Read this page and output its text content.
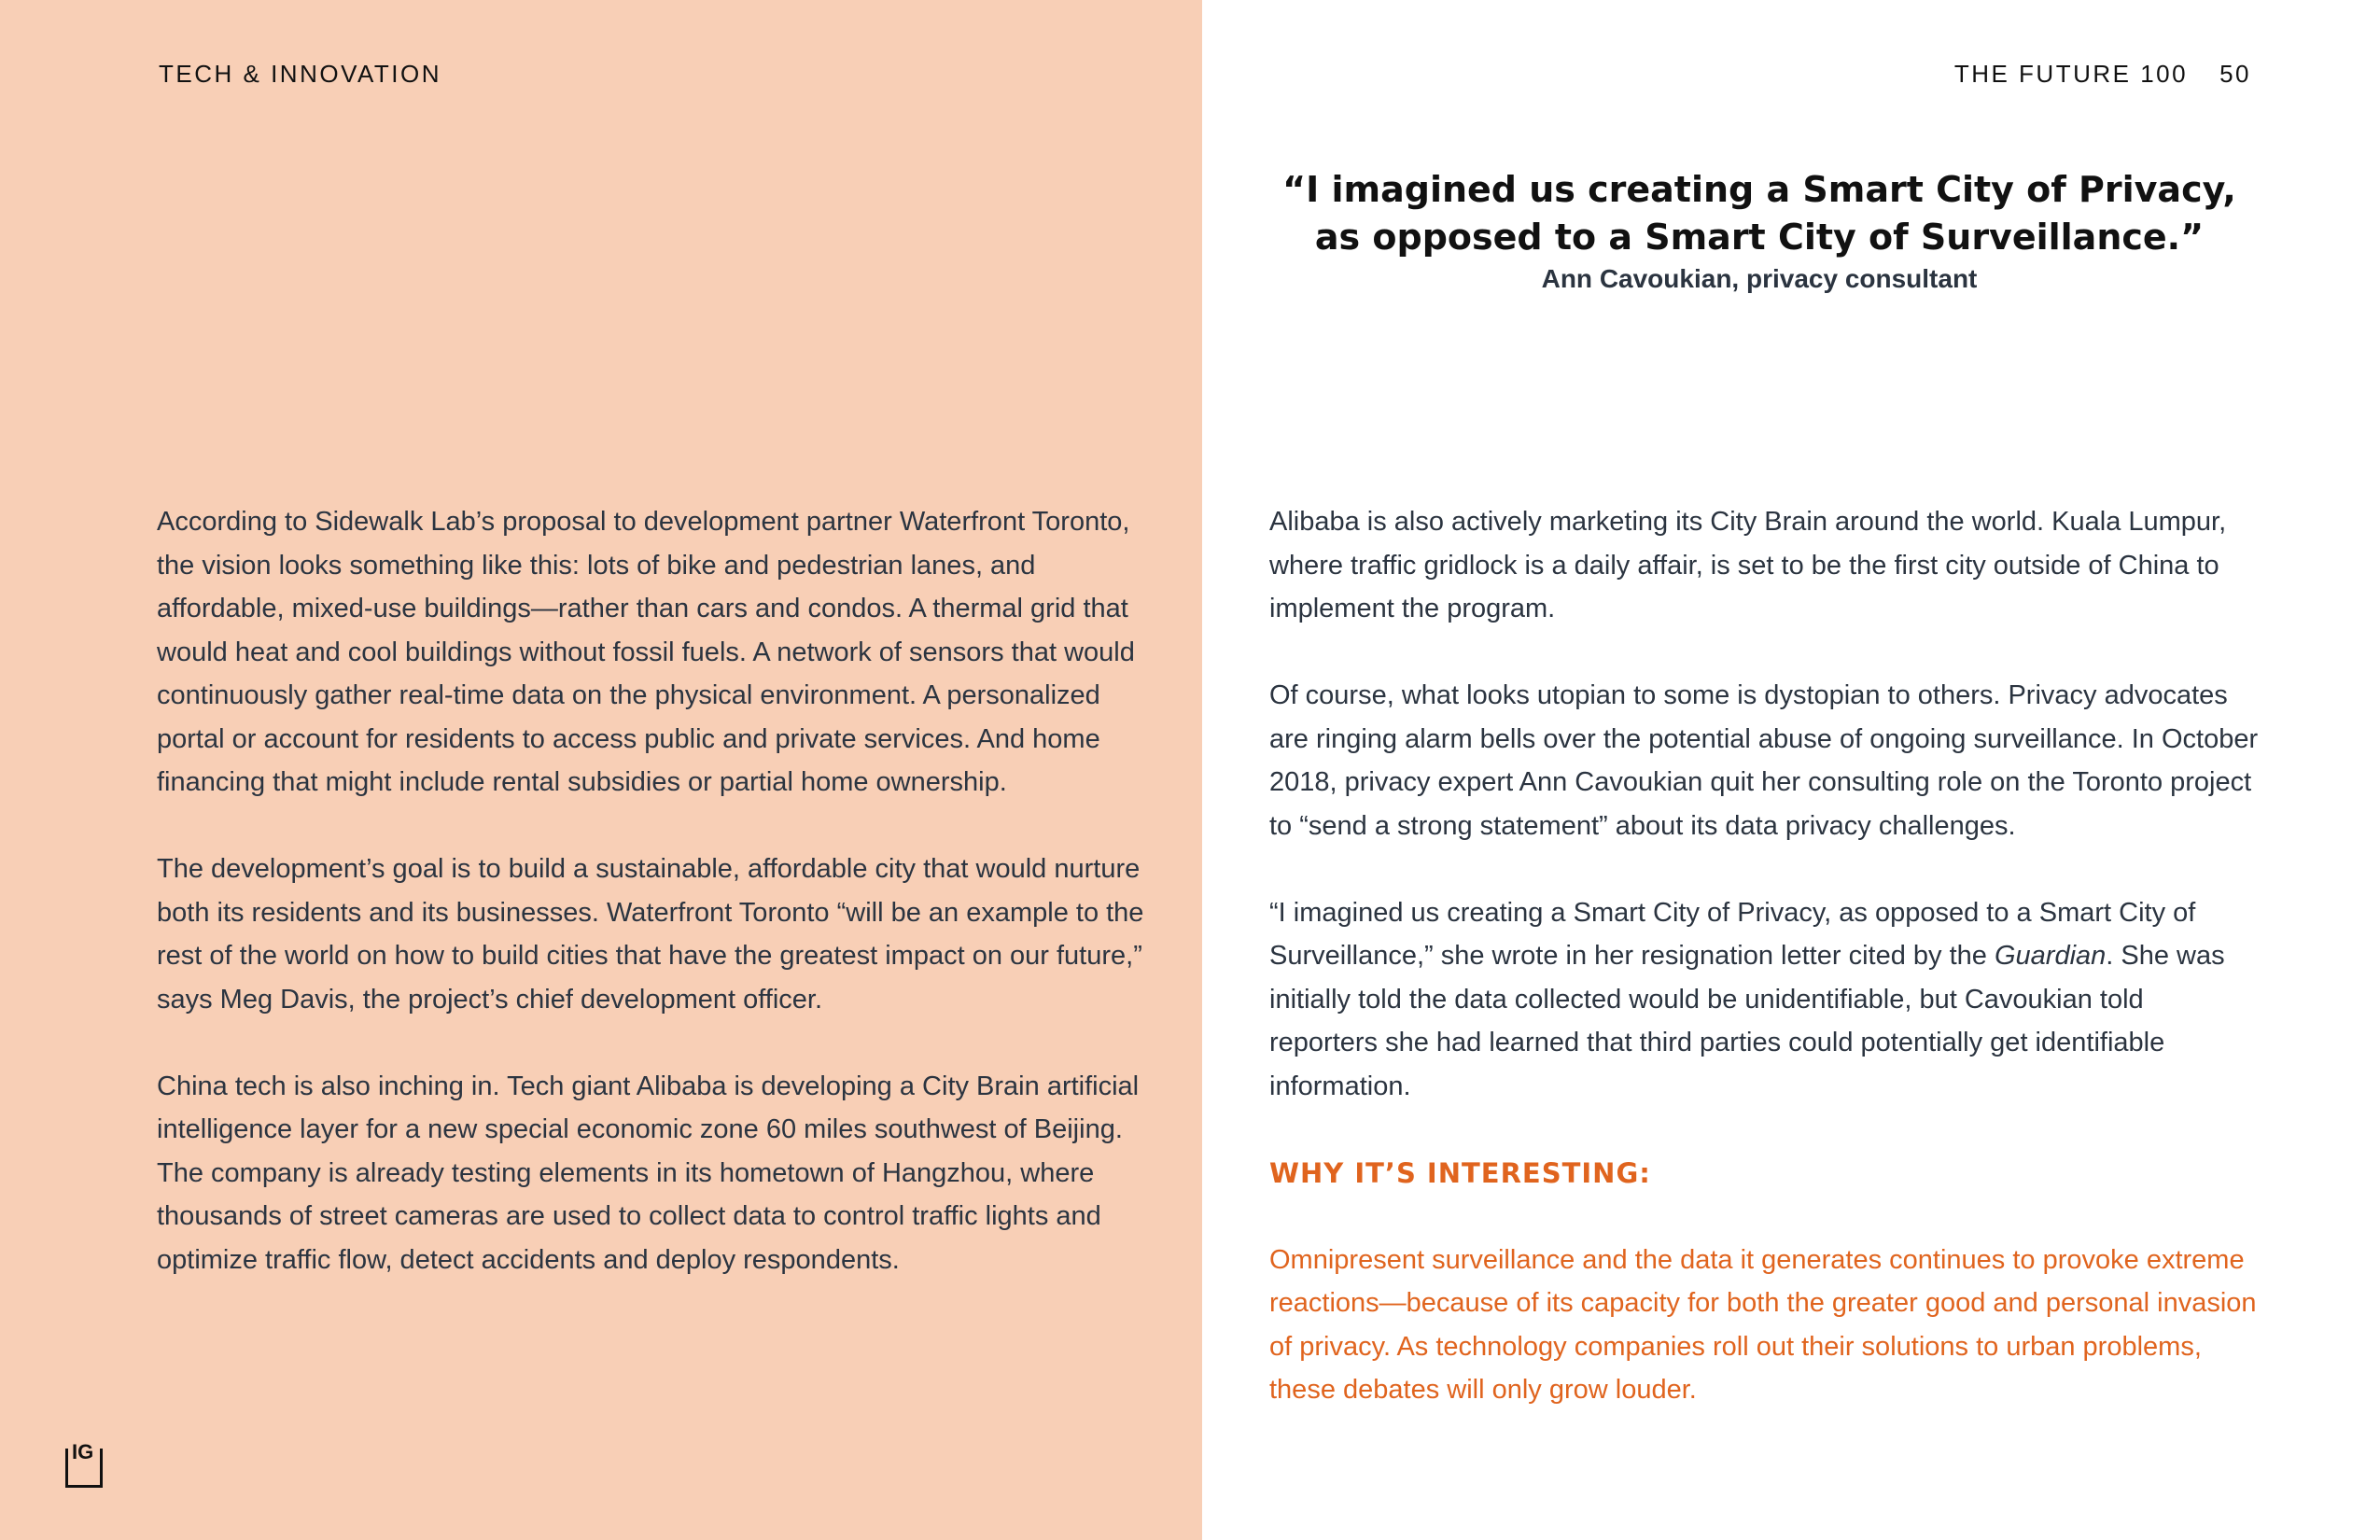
TECH & INNOVATION	THE FUTURE 100 50

“I imagined us creating a Smart City of Privacy,
as opposed to a Smart City of Surveillance.”

Ann Cavoukian, privacy consultant

According to Sidewalk Lab’s proposal to development partner Waterfront Toronto, the vision looks something like this: lots of bike and pedestrian lanes, and affordable, mixed-use buildings—rather than cars and condos. A thermal grid that would heat and cool buildings without fossil fuels. A network of sensors that would continuously gather real-time data on the physical environment. A personalized portal or account for residents to access public and private services. And home financing that might include rental subsidies or partial home ownership.

The development’s goal is to build a sustainable, affordable city that would nurture both its residents and its businesses. Waterfront Toronto “will be an example to the rest of the world on how to build cities that have the greatest impact on our future,” says Meg Davis, the project’s chief development officer.

China tech is also inching in. Tech giant Alibaba is developing a City Brain artificial intelligence layer for a new special economic zone 60 miles southwest of Beijing. The company is already testing elements in its hometown of Hangzhou, where thousands of street cameras are used to collect data to control traffic lights and optimize traffic flow, detect accidents and deploy respondents.

Alibaba is also actively marketing its City Brain around the world. Kuala Lumpur, where traffic gridlock is a daily affair, is set to be the first city outside of China to implement the program.

Of course, what looks utopian to some is dystopian to others. Privacy advocates are ringing alarm bells over the potential abuse of ongoing surveillance. In October 2018, privacy expert Ann Cavoukian quit her consulting role on the Toronto project to “send a strong statement” about its data privacy challenges.

“I imagined us creating a Smart City of Privacy, as opposed to a Smart City of Surveillance,” she wrote in her resignation letter cited by the Guardian. She was initially told the data collected would be unidentifiable, but Cavoukian told reporters she had learned that third parties could potentially get identifiable information.

WHY IT’S INTERESTING:

Omnipresent surveillance and the data it generates continues to provoke extreme reactions—because of its capacity for both the greater good and personal invasion of privacy. As technology companies roll out their solutions to urban problems, these debates will only grow louder.

IG
